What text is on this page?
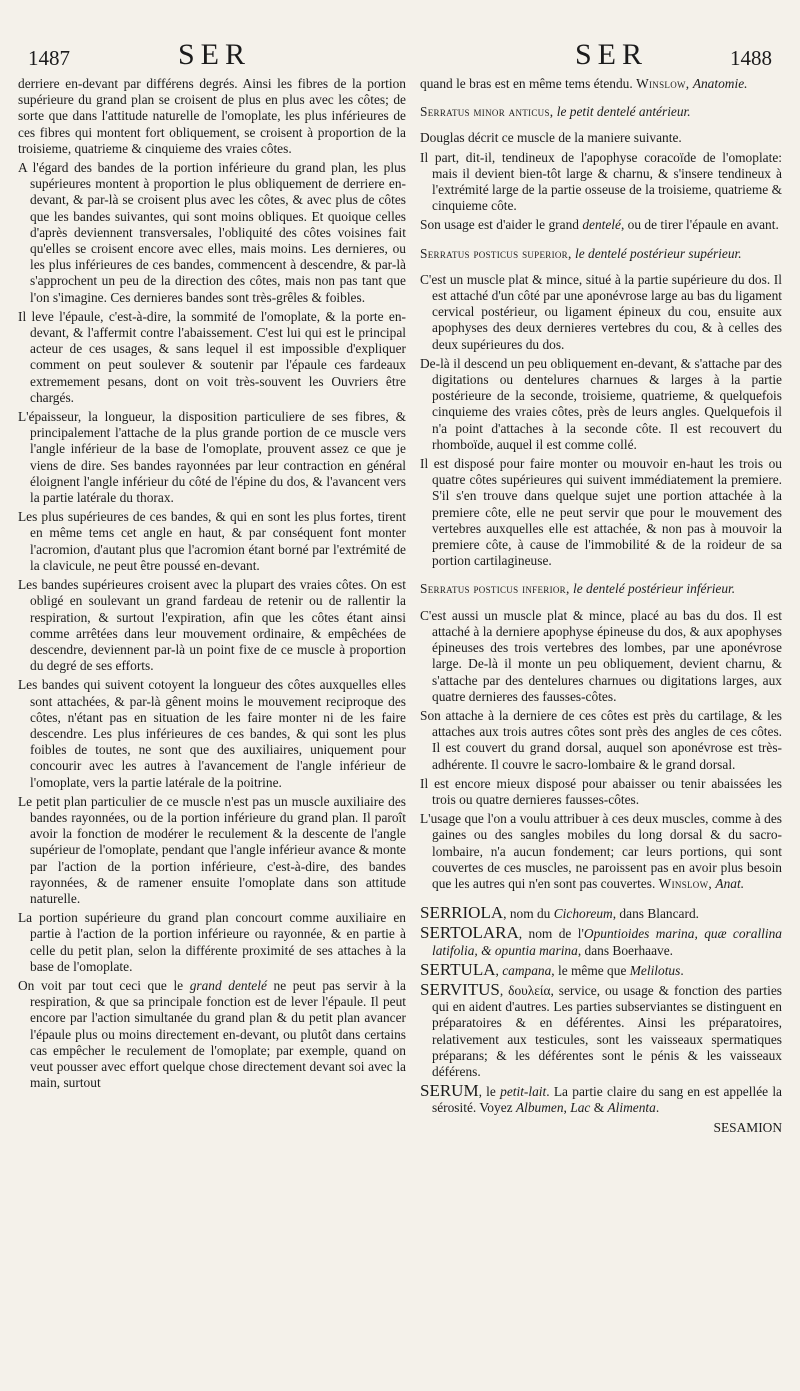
1487	SER	SER	1488

derriere en-devant par différens degrés. Ainsi les fibres de la portion supérieure du grand plan se croisent de plus en plus avec les côtes; de sorte que dans l'attitude naturelle de l'omoplate, les plus inférieures de ces fibres qui montent fort obliquement, se croisent à proportion de la troisieme, quatrieme & cinquieme des vraies côtes.

A l'égard des bandes de la portion inférieure du grand plan, les plus supérieures montent à proportion le plus obliquement de derriere en-devant, & par-là se croisent plus avec les côtes, & avec plus de côtes que les bandes suivantes, qui sont moins obliques. Et quoique celles d'après deviennent transversales, l'obliquité des côtes voisines fait qu'elles se croisent encore avec elles, mais moins. Les dernieres, ou les plus inférieures de ces bandes, commencent à descendre, & par-là s'approchent un peu de la direction des côtes, mais non pas tant que l'on s'imagine. Ces dernieres bandes sont très-grêles & foibles.

Il leve l'épaule, c'est-à-dire, la sommité de l'omoplate, & la porte en-devant, & l'affermit contre l'abaissement. C'est lui qui est le principal acteur de ces usages, & sans lequel il est impossible d'expliquer comment on peut soulever & soutenir par l'épaule ces fardeaux extremement pesans, dont on voit très-souvent les Ouvriers être chargés.

L'épaisseur, la longueur, la disposition particuliere de ses fibres, & principalement l'attache de la plus grande portion de ce muscle vers l'angle inférieur de la base de l'omoplate, prouvent assez ce que je viens de dire. Ses bandes rayonnées par leur contraction en général éloignent l'angle inférieur du côté de l'épine du dos, & l'avancent vers la partie latérale du thorax.

Les plus supérieures de ces bandes, & qui en sont les plus fortes, tirent en même tems cet angle en haut, & par conséquent font monter l'acromion, d'autant plus que l'acromion étant borné par l'extrémité de la clavicule, ne peut être poussé en-devant.

Les bandes supérieures croisent avec la plupart des vraies côtes. On est obligé en soulevant un grand fardeau de retenir ou de rallentir la respiration, & surtout l'expiration, afin que les côtes étant ainsi comme arrêtées dans leur mouvement ordinaire, & empêchées de descendre, deviennent par-là un point fixe de ce muscle à proportion du degré de ses efforts.

Les bandes qui suivent cotoyent la longueur des côtes auxquelles elles sont attachées, & par-là gênent moins le mouvement reciproque des côtes, n'étant pas en situation de les faire monter ni de les faire descendre. Les plus inférieures de ces bandes, & qui sont les plus foibles de toutes, ne sont que des auxiliaires, uniquement pour concourir avec les autres à l'avancement de l'angle inférieur de l'omoplate, vers la partie latérale de la poitrine.

Le petit plan particulier de ce muscle n'est pas un muscle auxiliaire des bandes rayonnées, ou de la portion inférieure du grand plan. Il paroît avoir la fonction de modérer le reculement & la descente de l'angle supérieur de l'omoplate, pendant que l'angle inférieur avance & monte par l'action de la portion inférieure, c'est-à-dire, des bandes rayonnées, & de ramener ensuite l'omoplate dans son attitude naturelle.

La portion supérieure du grand plan concourt comme auxiliaire en partie à l'action de la portion inférieure ou rayonnée, & en partie à celle du petit plan, selon la différente proximité de ses attaches à la base de l'omoplate.

On voit par tout ceci que le grand dentelé ne peut pas servir à la respiration, & que sa principale fonction est de lever l'épaule. Il peut encore par l'action simultanée du grand plan & du petit plan avancer l'épaule plus ou moins directement en-devant, ou plutôt dans certains cas empêcher le reculement de l'omoplate; par exemple, quand on veut pousser avec effort quelque chose directement devant soi avec la main, surtout

quand le bras est en même tems étendu. Winslow, Anatomie.

Serratus minor anticus, le petit dentelé antérieur.

Douglas décrit ce muscle de la maniere suivante.

Il part, dit-il, tendineux de l'apophyse coracoïde de l'omoplate: mais il devient bien-tôt large & charnu, & s'insere tendineux à l'extrémité large de la partie osseuse de la troisieme, quatrieme & cinquieme côte.

Son usage est d'aider le grand dentelé, ou de tirer l'épaule en avant.

Serratus posticus superior, le dentelé postérieur supérieur.

C'est un muscle plat & mince, situé à la partie supérieure du dos. Il est attaché d'un côté par une aponévrose large au bas du ligament cervical postérieur, ou ligament épineux du cou, ensuite aux apophyses des deux dernieres vertebres du cou, & à celles des deux supérieures du dos.

De-là il descend un peu obliquement en-devant, & s'attache par des digitations ou dentelures charnues & larges à la partie postérieure de la seconde, troisieme, quatrieme, & quelquefois cinquieme des vraies côtes, près de leurs angles. Quelquefois il n'a point d'attaches à la seconde côte. Il est recouvert du rhomboïde, auquel il est comme collé.

Il est disposé pour faire monter ou mouvoir en-haut les trois ou quatre côtes supérieures qui suivent immédiatement la premiere. S'il s'en trouve dans quelque sujet une portion attachée à la premiere côte, elle ne peut servir que pour le mouvement des vertebres auxquelles elle est attachée, & non pas à mouvoir la premiere côte, à cause de l'immobilité & de la roideur de sa portion cartilagineuse.

Serratus posticus inferior, le dentelé postérieur inférieur.

C'est aussi un muscle plat & mince, placé au bas du dos. Il est attaché à la derniere apophyse épineuse du dos, & aux apophyses épineuses des trois vertebres des lombes, par une aponévrose large. De-là il monte un peu obliquement, devient charnu, & s'attache par des dentelures charnues ou digitations larges, aux quatre dernieres des fausses-côtes.

Son attache à la derniere de ces côtes est près du cartilage, & les attaches aux trois autres côtes sont près des angles de ces côtes. Il est couvert du grand dorsal, auquel son aponévrose est très-adhérente. Il couvre le sacro-lombaire & le grand dorsal.

Il est encore mieux disposé pour abaisser ou tenir abaissées les trois ou quatre dernieres fausses-côtes.

L'usage que l'on a voulu attribuer à ces deux muscles, comme à des gaines ou des sangles mobiles du long dorsal & du sacro-lombaire, n'a aucun fondement; car leurs portions, qui sont couvertes de ces muscles, ne paroissent pas en avoir plus besoin que les autres qui n'en sont pas couvertes. Winslow, Anat.

SERRIOLA, nom du Cichoreum, dans Blancard.

SERTOLARA, nom de l'Opuntioides marina, quæ corallina latifolia, & opuntia marina, dans Boerhaave.

SERTULA, campana, le même que Melilotus.

SERVITUS, δουλεία, service, ou usage & fonction des parties qui en aident d'autres. Les parties subserviantes se distinguent en préparatoires & en déférentes. Ainsi les préparatoires, relativement aux testicules, sont les vaisseaux spermatiques préparans; & les déférentes sont le pénis & les vaisseaux déférens.

SERUM, le petit-lait. La partie claire du sang en est appellée la sérosité. Voyez Albumen, Lac & Alimenta.

SESAMION
